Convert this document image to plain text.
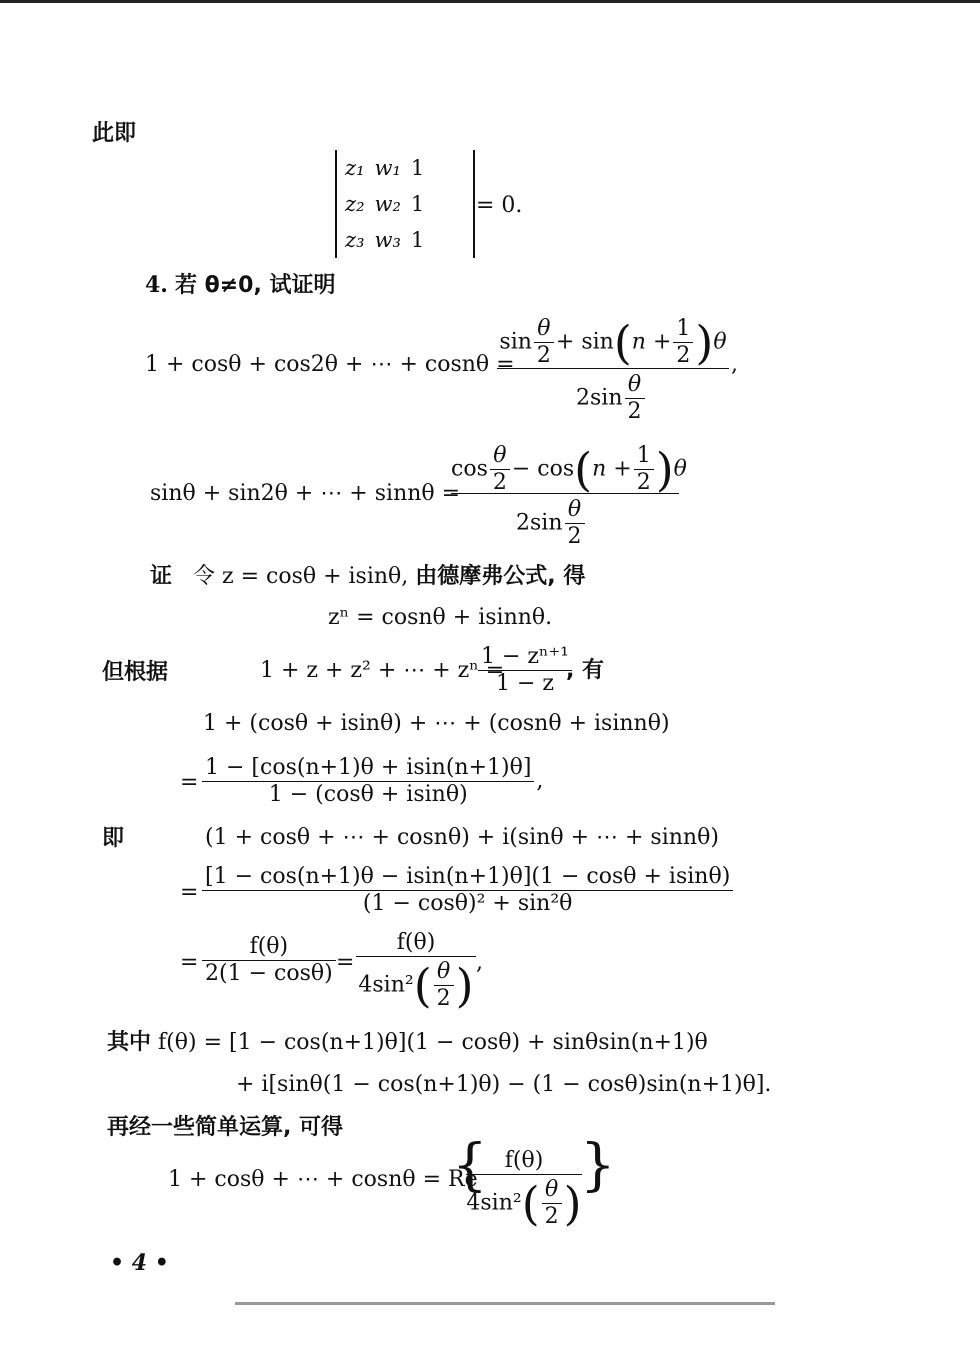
此即
z₁	w₁	1
z₂	w₂	1
z₃	w₃	1
= 0.
4. 若 θ≠0, 试证明
1 + cosθ + cos2θ + ⋯ + cosnθ =
$\sin \frac{\theta}{2} + \sin(n + \frac{1}{2} )\theta$
,
$2\sin \frac{\theta}{2}$
sinθ + sin2θ + ⋯ + sinnθ =
$\cos \frac{\theta}{2} - \cos(n + \frac{1}{2} )\theta$
$2\sin \frac{\theta}{2}$
证 令 z = cosθ + isinθ, 由德摩弗公式, 得
zⁿ = cosnθ + isinnθ.
但根据	1 + z + z² + ⋯ + zⁿ =
$\frac{\text{1 − zⁿ⁺¹}}{1 - z}$
, 有
1 + (cosθ + isinθ) + ⋯ + (cosnθ + isinnθ)
= $\frac{1 - [\cos(n+1)\theta + isin(n+1)\theta]}{1 - (\cos\theta + isin\theta)}$ ,
即	(1 + cosθ + ⋯ + cosnθ) + i(sinθ + ⋯ + sinnθ)
= $\frac{[1 - \cos(n+1)\theta - isin(n+1)\theta](1 - \cos\theta + isin\theta)}{\text{(1 − cosθ)² + sin²θ}}$
= $\frac{f(\theta)}{2(1 - \cos\theta)}$ =
f(θ)
$4\sin^2( \frac{\theta}{2}$ ) ,
其中 f(θ) = [1 − cos(n+1)θ](1 − cosθ) + sinθsin(n+1)θ
+ i[sinθ(1 − cos(n+1)θ) − (1 − cosθ)sin(n+1)θ].
再经一些简单运算, 可得
1 + cosθ + ⋯ + cosnθ = Re
{ f(θ)
$4\sin^2( \frac{\theta}{2}$ )
}
• 4 •
